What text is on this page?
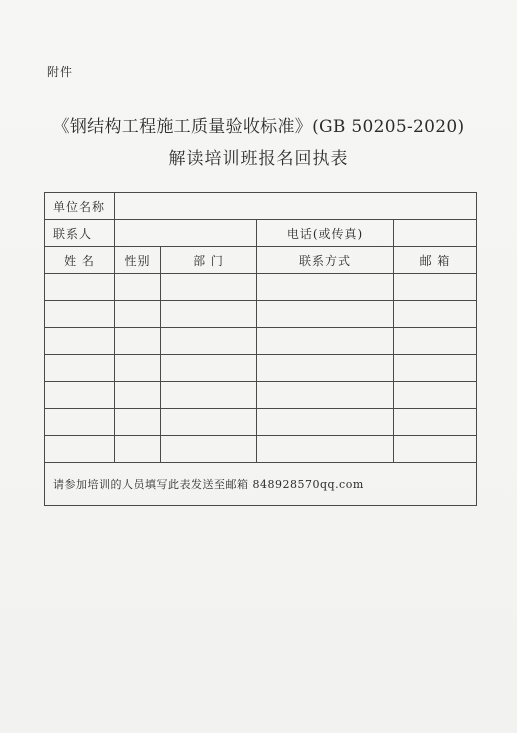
附件
《钢结构工程施工质量验收标准》(GB 50205-2020)
解读培训班报名回执表
单位名称				
联系人			电话(或传真)	
姓 名	性别	部 门	联系方式	邮 箱

请参加培训的人员填写此表发送至邮箱 848928570qq.com				
